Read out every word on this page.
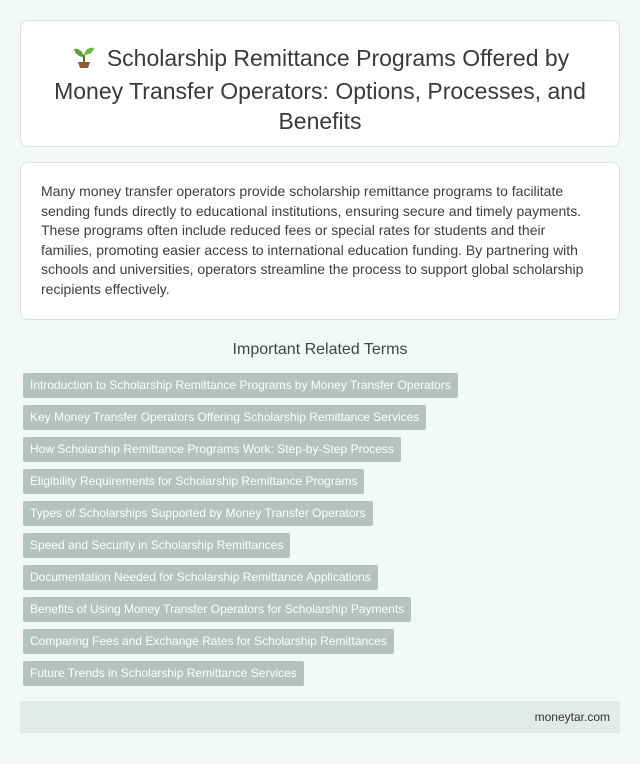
Scholarship Remittance Programs Offered by Money Transfer Operators: Options, Processes, and Benefits

Many money transfer operators provide scholarship remittance programs to facilitate sending funds directly to educational institutions, ensuring secure and timely payments. These programs often include reduced fees or special rates for students and their families, promoting easier access to international education funding. By partnering with schools and universities, operators streamline the process to support global scholarship recipients effectively.

Important Related Terms
Introduction to Scholarship Remittance Programs by Money Transfer Operators
Key Money Transfer Operators Offering Scholarship Remittance Services
How Scholarship Remittance Programs Work: Step-by-Step Process
Eligibility Requirements for Scholarship Remittance Programs
Types of Scholarships Supported by Money Transfer Operators
Speed and Security in Scholarship Remittances
Documentation Needed for Scholarship Remittance Applications
Benefits of Using Money Transfer Operators for Scholarship Payments
Comparing Fees and Exchange Rates for Scholarship Remittances
Future Trends in Scholarship Remittance Services
moneytar.com
